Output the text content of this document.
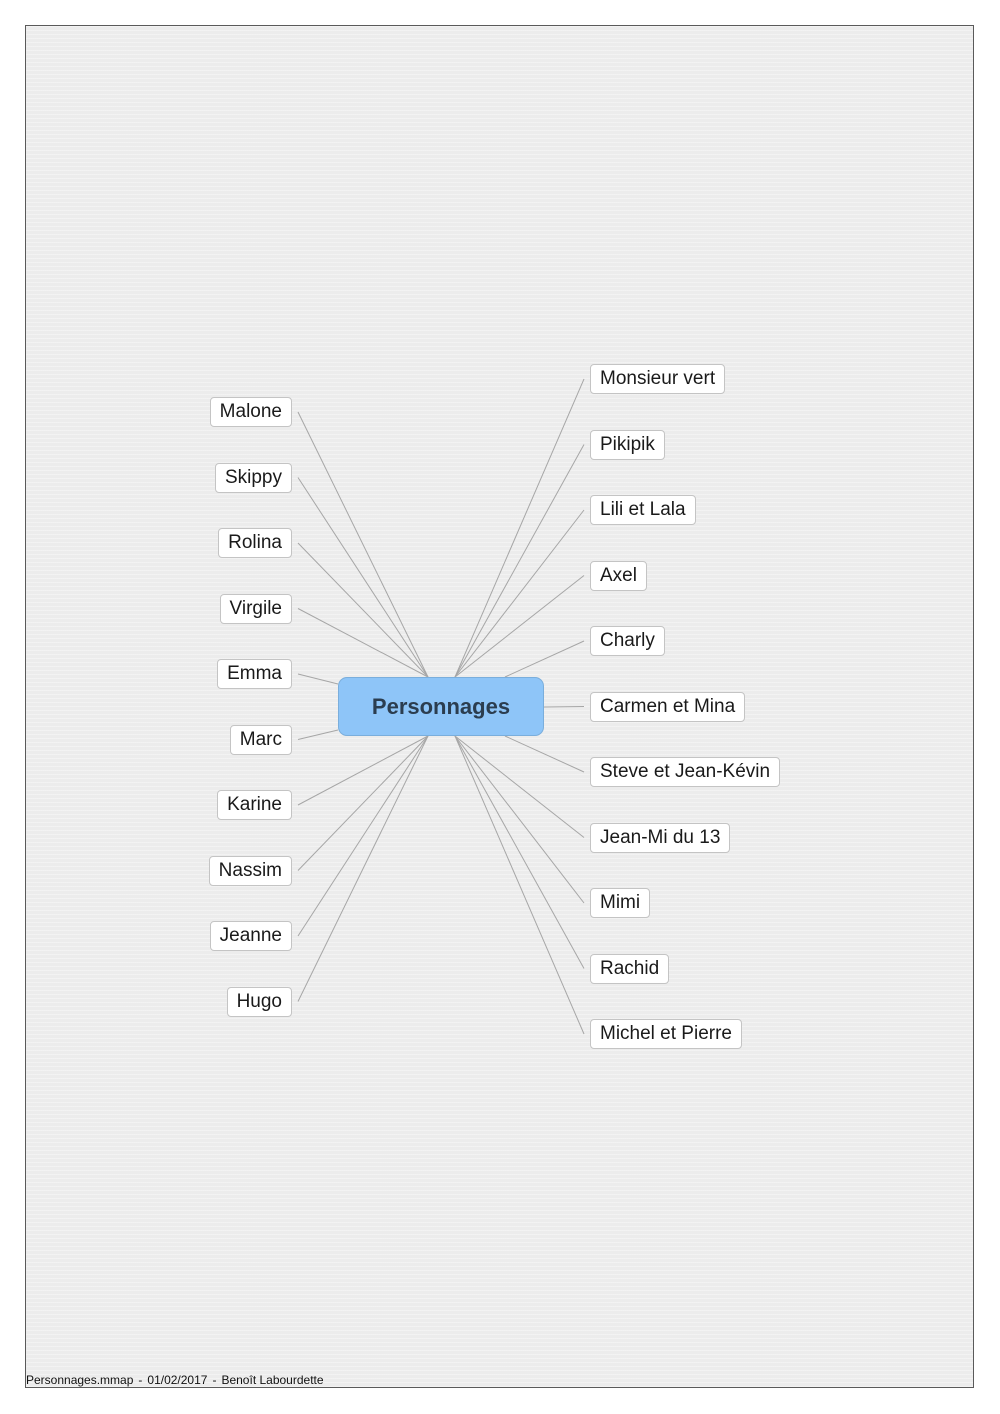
Personnages
Malone
Skippy
Rolina
Virgile
Emma
Marc
Karine
Nassim
Jeanne
Hugo
Monsieur vert
Pikipik
Lili et Lala
Axel
Charly
Carmen et Mina
Steve et Jean-Kévin
Jean-Mi du 13
Mimi
Rachid
Michel et Pierre
Personnages.mmap - 01/02/2017 - Benoît Labourdette
